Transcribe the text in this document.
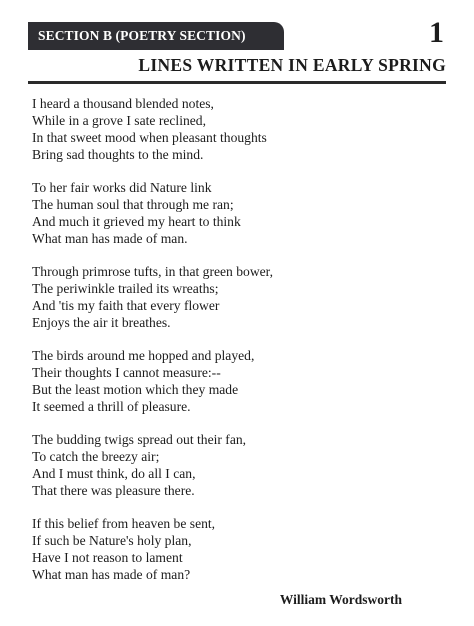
SECTION B (POETRY SECTION)	1
LINES WRITTEN IN EARLY SPRING
I heard a thousand blended notes,
While in a grove I sate reclined,
In that sweet mood when pleasant thoughts
Bring sad thoughts to the mind.
To her fair works did Nature link
The human soul that through me ran;
And much it grieved my heart to think
What man has made of man.
Through primrose tufts, in that green bower,
The periwinkle trailed its wreaths;
And 'tis my faith that every flower
Enjoys the air it breathes.
The birds around me hopped and played,
Their thoughts I cannot measure:--
But the least motion which they made
It seemed a thrill of pleasure.
The budding twigs spread out their fan,
To catch the breezy air;
And I must think, do all I can,
That there was pleasure there.
If this belief from heaven be sent,
If such be Nature's holy plan,
Have I not reason to lament
What man has made of man?
William Wordsworth
